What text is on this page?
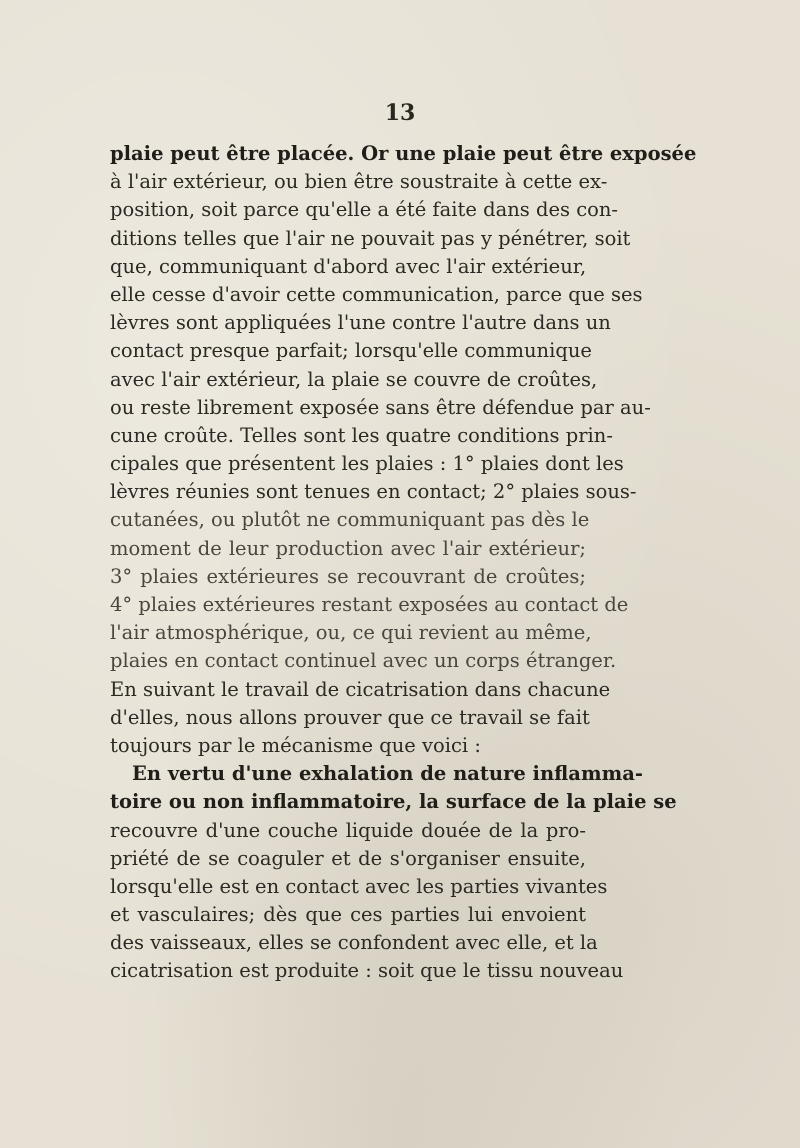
13
plaie peut être placée. Or une plaie peut être exposée
à l'air extérieur, ou bien être soustraite à cette ex-
position, soit parce qu'elle a été faite dans des con-
ditions telles que l'air ne pouvait pas y pénétrer, soit
que, communiquant d'abord avec l'air extérieur,
elle cesse d'avoir cette communication, parce que ses
lèvres sont appliquées l'une contre l'autre dans un
contact presque parfait; lorsqu'elle communique
avec l'air extérieur, la plaie se couvre de croûtes,
ou reste librement exposée sans être défendue par au-
cune croûte. Telles sont les quatre conditions prin-
cipales que présentent les plaies : 1° plaies dont les
lèvres réunies sont tenues en contact; 2° plaies sous-
cutanées, ou plutôt ne communiquant pas dès le
moment de leur production avec l'air extérieur;
3° plaies extérieures se recouvrant de croûtes;
4° plaies extérieures restant exposées au contact de
l'air atmosphérique, ou, ce qui revient au même,
plaies en contact continuel avec un corps étranger.
En suivant le travail de cicatrisation dans chacune
d'elles, nous allons prouver que ce travail se fait
toujours par le mécanisme que voici :
En vertu d'une exhalation de nature inflamma-
toire ou non inflammatoire, la surface de la plaie se
recouvre d'une couche liquide douée de la pro-
priété de se coaguler et de s'organiser ensuite,
lorsqu'elle est en contact avec les parties vivantes
et vasculaires; dès que ces parties lui envoient
des vaisseaux, elles se confondent avec elle, et la
cicatrisation est produite : soit que le tissu nouveau
